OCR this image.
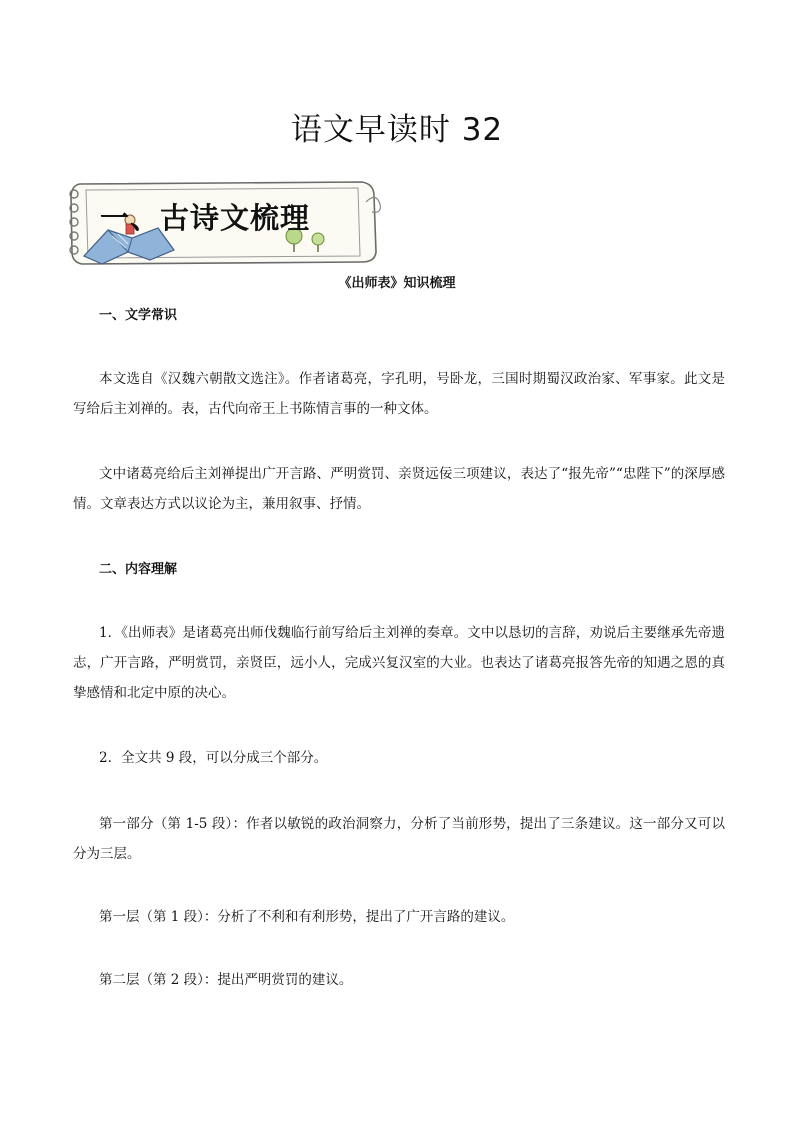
语文早读时 32
一、古诗文梳理
《出师表》知识梳理
一、文学常识

本文选自《汉魏六朝散文选注》。作者诸葛亮，字孔明，号卧龙，三国时期蜀汉政治家、军事家。此文是写给后主刘禅的。表，古代向帝王上书陈情言事的一种文体。

文中诸葛亮给后主刘禅提出广开言路、严明赏罚、亲贤远佞三项建议，表达了“报先帝”“忠陛下”的深厚感情。文章表达方式以议论为主，兼用叙事、抒情。

二、内容理解

1．《出师表》是诸葛亮出师伐魏临行前写给后主刘禅的奏章。文中以恳切的言辞，劝说后主要继承先帝遗志，广开言路，严明赏罚，亲贤臣，远小人，完成兴复汉室的大业。也表达了诸葛亮报答先帝的知遇之恩的真挚感情和北定中原的决心。

2．全文共 9 段，可以分成三个部分。

第一部分（第 1-5 段）：作者以敏锐的政治洞察力，分析了当前形势，提出了三条建议。这一部分又可以分为三层。

第一层（第 1 段）：分析了不利和有利形势，提出了广开言路的建议。

第二层（第 2 段）：提出严明赏罚的建议。
